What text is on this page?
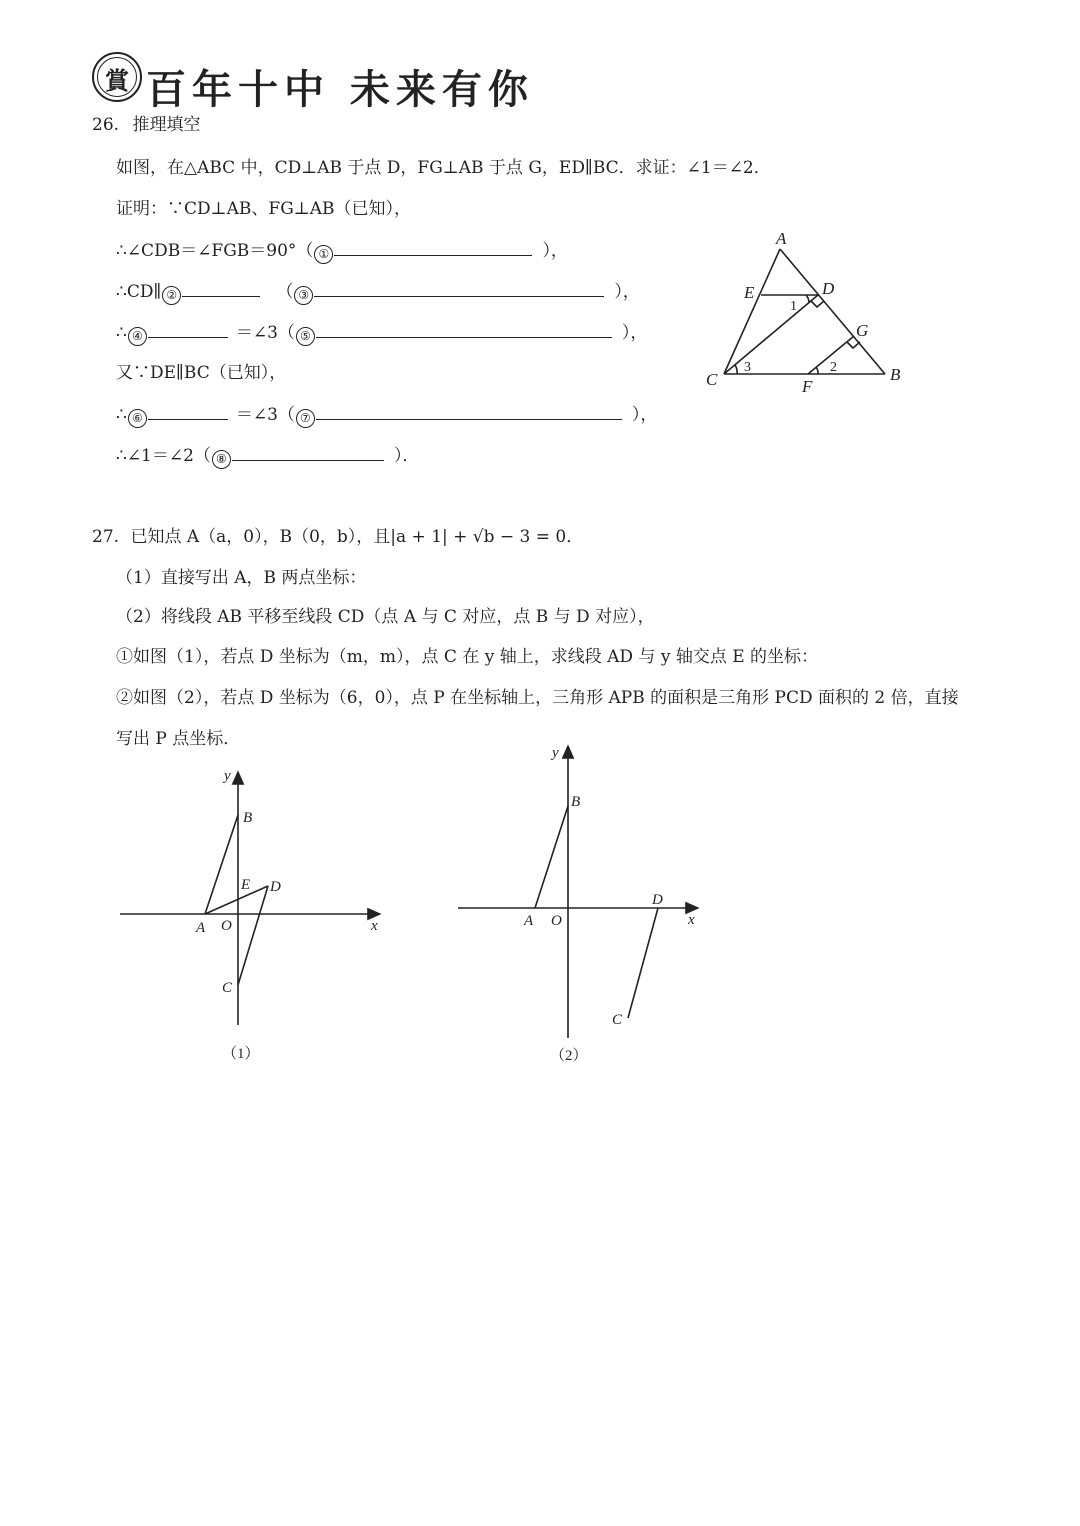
賞 百年十中 未来有你
26. 推理填空
如图，在△ABC 中，CD⊥AB 于点 D，FG⊥AB 于点 G，ED∥BC．求证：∠1＝∠2．
证明：∵CD⊥AB、FG⊥AB（已知），
∴∠CDB＝∠FGB＝90°（ ①	），
∴CD∥ ②	（ ③	），
∴ ④	＝∠3（ ⑤	），
又∵DE∥BC（已知），
∴ ⑥	＝∠3（ ⑦	），
∴∠1＝∠2（ ⑧	）．
A
E	D
G
C	F
B
1
2
3
27. 已知点 A（a，0），B（0，b），且|a + 1| + √b − 3 = 0．
（1）直接写出 A，B 两点坐标：
（2）将线段 AB 平移至线段 CD（点 A 与 C 对应，点 B 与 D 对应），
①如图（1），若点 D 坐标为（m，m），点 C 在 y 轴上，求线段 AD 与 y 轴交点 E 的坐标：
②如图（2），若点 D 坐标为（6，0），点 P 在坐标轴上，三角形 APB 的面积是三角形 PCD 面积的 2 倍，直接
写出 P 点坐标．
y
x
B
E D
A O
C
（1）
y
x
B
D
A O
C
（2）
